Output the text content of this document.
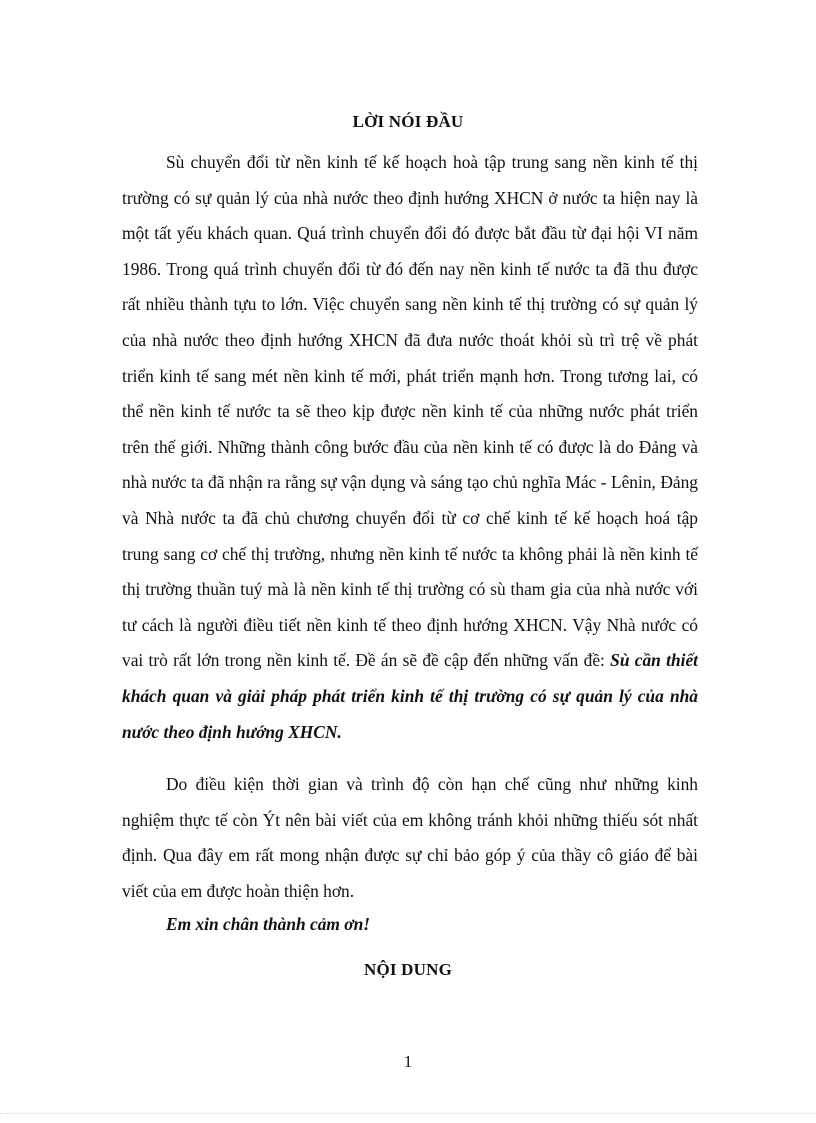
LỜI NÓI ĐẦU

Sù chuyển đổi từ nền kinh tế kế hoạch hoà tập trung sang nền kinh tế thị trường có sự quản lý của nhà nước theo định hướng XHCN ở nước ta hiện nay là một tất yếu khách quan. Quá trình chuyển đổi đó được bắt đầu từ đại hội VI năm 1986. Trong quá trình chuyển đổi từ đó đến nay nền kinh tế nước ta đã thu được rất nhiều thành tựu to lớn. Việc chuyển sang nền kinh tế thị trường có sự quản lý của nhà nước theo định hướng XHCN đã đưa nước thoát khỏi sù trì trệ về phát triển kinh tế sang mét nền kinh tế mới, phát triển mạnh hơn. Trong tương lai, có thể nền kinh tế nước ta sẽ theo kịp được nền kinh tế của những nước phát triển trên thế giới. Những thành công bước đầu của nền kinh tế có được là do Đảng và nhà nước ta đã nhận ra rằng sự vận dụng và sáng tạo chủ nghĩa Mác - Lênin, Đảng và Nhà nước ta đã chủ chương chuyển đổi từ cơ chế kinh tế kế hoạch hoá tập trung sang cơ chế thị trường, nhưng nền kinh tế nước ta không phải là nền kinh tế thị trường thuần tuý mà là nền kinh tế thị trường có sù tham gia của nhà nước với tư cách là người điều tiết nền kinh tế theo định hướng XHCN. Vậy Nhà nước có vai trò rất lớn trong nền kinh tế. Đề án sẽ đề cập đến những vấn đề: Sù cần thiết khách quan và giải pháp phát triển kinh tế thị trường có sự quản lý của nhà nước theo định hướng XHCN.

Do điều kiện thời gian và trình độ còn hạn chế cũng như những kinh nghiệm thực tế còn Ýt nên bài viết của em không tránh khỏi những thiếu sót nhất định. Qua đây em rất mong nhận được sự chỉ bảo góp ý của thầy cô giáo để bài viết của em được hoàn thiện hơn.

Em xin chân thành cảm ơn!

NỘI DUNG
1
